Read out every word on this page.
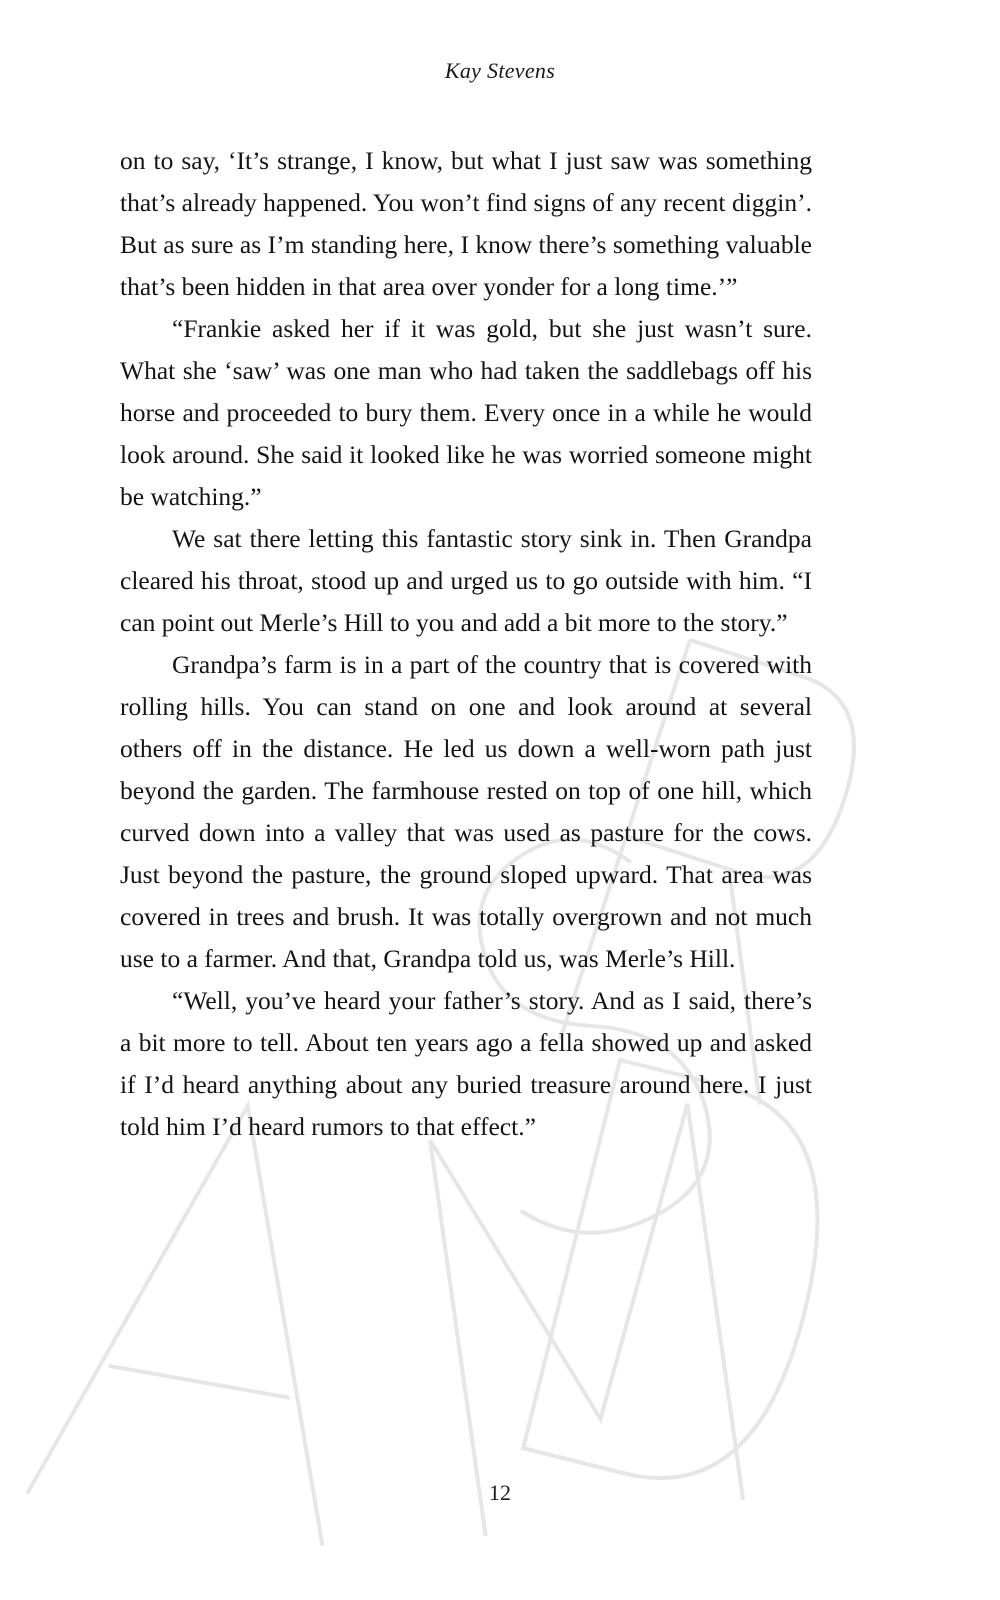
Kay Stevens

on to say, ‘It’s strange, I know, but what I just saw was something that’s already happened. You won’t find signs of any recent diggin’. But as sure as I’m standing here, I know there’s something valuable that’s been hidden in that area over yonder for a long time.’”

“Frankie asked her if it was gold, but she just wasn’t sure. What she ‘saw’ was one man who had taken the saddlebags off his horse and proceeded to bury them. Every once in a while he would look around. She said it looked like he was worried someone might be watching.”

We sat there letting this fantastic story sink in. Then Grandpa cleared his throat, stood up and urged us to go outside with him. “I can point out Merle’s Hill to you and add a bit more to the story.”

Grandpa’s farm is in a part of the country that is covered with rolling hills. You can stand on one and look around at several others off in the distance. He led us down a well-worn path just beyond the garden. The farmhouse rested on top of one hill, which curved down into a valley that was used as pasture for the cows. Just beyond the pasture, the ground sloped upward. That area was covered in trees and brush. It was totally overgrown and not much use to a farmer. And that, Grandpa told us, was Merle’s Hill.

“Well, you’ve heard your father’s story. And as I said, there’s a bit more to tell. About ten years ago a fella showed up and asked if I’d heard anything about any buried treasure around here. I just told him I’d heard rumors to that effect.”

12
